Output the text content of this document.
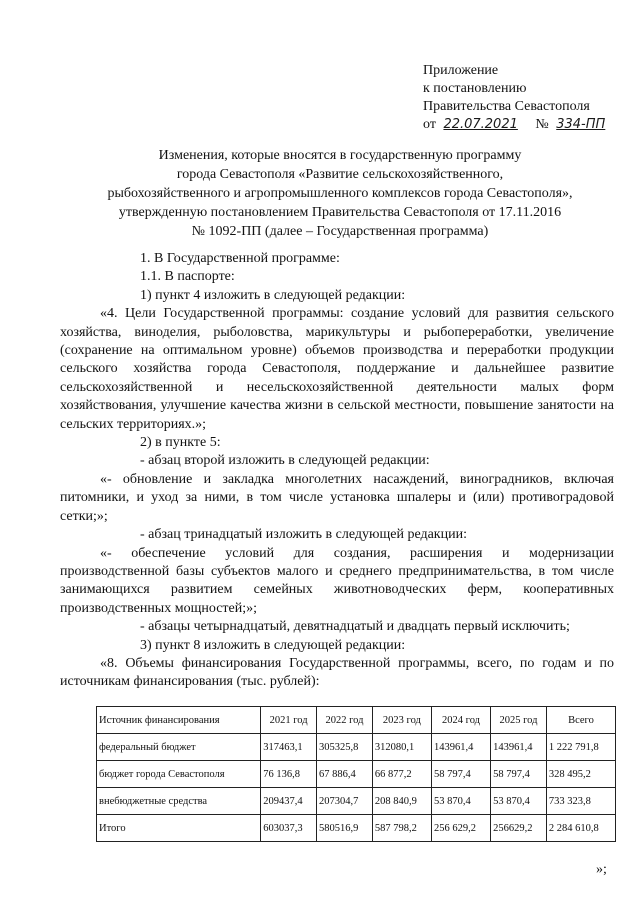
Приложение
к постановлению
Правительства Севастополя
от 22.07.2021 № 334-ПП
Изменения, которые вносятся в государственную программу
города Севастополя «Развитие сельскохозяйственного,
рыбохозяйственного и агропромышленного комплексов города Севастополя»,
утвержденную постановлением Правительства Севастополя от 17.11.2016
№ 1092-ПП (далее – Государственная программа)

1. В Государственной программе:

1.1. В паспорте:

1) пункт 4 изложить в следующей редакции:

«4. Цели Государственной программы: создание условий для развития сельского хозяйства, виноделия, рыболовства, марикультуры и рыбопереработки, увеличение (сохранение на оптимальном уровне) объемов производства и переработки продукции сельского хозяйства города Севастополя, поддержание и дальнейшее развитие сельскохозяйственной и несельскохозяйственной деятельности малых форм хозяйствования, улучшение качества жизни в сельской местности, повышение занятости на сельских территориях.»;

2) в пункте 5:

- абзац второй изложить в следующей редакции:

«- обновление и закладка многолетних насаждений, виноградников, включая питомники, и уход за ними, в том числе установка шпалеры и (или) противоградовой сетки;»;

- абзац тринадцатый изложить в следующей редакции:

«- обеспечение условий для создания, расширения и модернизации производственной базы субъектов малого и среднего предпринимательства, в том числе занимающихся развитием семейных животноводческих ферм, кооперативных производственных мощностей;»;

- абзацы четырнадцатый, девятнадцатый и двадцать первый исключить;

3) пункт 8 изложить в следующей редакции:

«8. Объемы финансирования Государственной программы, всего, по годам и по источникам финансирования (тыс. рублей):

Источник финансирования	2021 год	2022 год	2023 год	2024 год	2025 год	Всего
федеральный бюджет	317463,1	305325,8	312080,1	143961,4	143961,4	1 222 791,8
бюджет города Севастополя	76 136,8	67 886,4	66 877,2	58 797,4	58 797,4	328 495,2
внебюджетные средства	209437,4	207304,7	208 840,9	53 870,4	53 870,4	733 323,8
Итого	603037,3	580516,9	587 798,2	256 629,2	256629,2	2 284 610,8
»;
